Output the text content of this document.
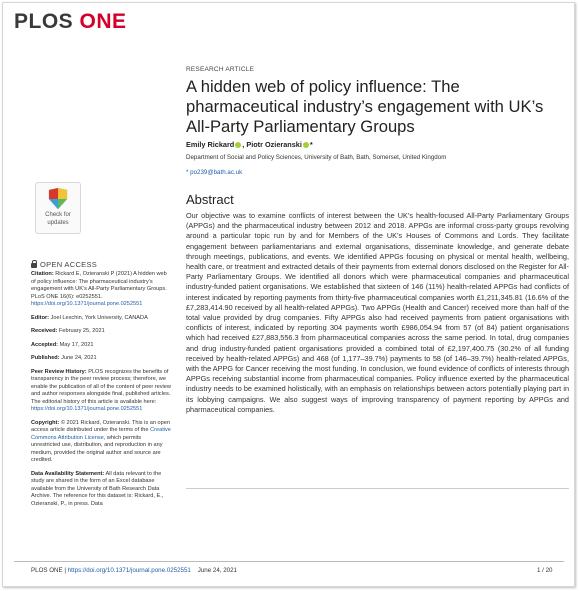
PLOS ONE
RESEARCH ARTICLE
A hidden web of policy influence: The pharmaceutical industry’s engagement with UK’s All-Party Parliamentary Groups
Emily Rickard , Piotr Ozieranski *
Department of Social and Policy Sciences, University of Bath, Bath, Somerset, United Kingdom
* po239@bath.ac.uk
Abstract
Our objective was to examine conflicts of interest between the UK’s health-focused All-Party Parliamentary Groups (APPGs) and the pharmaceutical industry between 2012 and 2018. APPGs are informal cross-party groups revolving around a particular topic run by and for Members of the UK’s Houses of Commons and Lords. They facilitate engagement between parliamentarians and external organisations, disseminate knowledge, and generate debate through meetings, publications, and events. We identified APPGs focusing on physical or mental health, wellbeing, health care, or treatment and extracted details of their payments from external donors disclosed on the Register for All-Party Parliamentary Groups. We identified all donors which were pharmaceutical companies and pharmaceutical industry-funded patient organisations. We established that sixteen of 146 (11%) health-related APPGs had conflicts of interest indicated by reporting payments from thirty-five pharmaceutical companies worth £1,211,345.81 (16.6% of the £7,283,414.90 received by all health-related APPGs). Two APPGs (Health and Cancer) received more than half of the total value provided by drug companies. Fifty APPGs also had received payments from patient organisations with conflicts of interest, indicated by reporting 304 payments worth £986,054.94 from 57 (of 84) patient organisations which had received £27,883,556.3 from pharmaceutical companies across the same period. In total, drug companies and drug industry-funded patient organisations provided a combined total of £2,197,400.75 (30.2% of all funding received by health-related APPGs) and 468 (of 1,177–39.7%) payments to 58 (of 146–39.7%) health-related APPGs, with the APPG for Cancer receiving the most funding. In conclusion, we found evidence of conflicts of interests through APPGs receiving substantial income from pharmaceutical companies. Policy influence exerted by the pharmaceutical industry needs to be examined holistically, with an emphasis on relationships between actors potentially playing part in its lobbying campaigns. We also suggest ways of improving transparency of payment reporting by APPGs and pharmaceutical companies.
Check for
updates
OPEN ACCESS

Citation: Rickard E, Ozieranski P (2021) A hidden web of policy influence: The pharmaceutical industry’s engagement with UK’s All-Party Parliamentary Groups. PLoS ONE 16(6): e0252551. https://doi.org/10.1371/journal.pone.0252551

Editor: Joel Lexchin, York University, CANADA

Received: February 25, 2021

Accepted: May 17, 2021

Published: June 24, 2021

Peer Review History: PLOS recognizes the benefits of transparency in the peer review process; therefore, we enable the publication of all of the content of peer review and author responses alongside final, published articles. The editorial history of this article is available here: https://doi.org/10.1371/journal.pone.0252551

Copyright: © 2021 Rickard, Ozieranski. This is an open access article distributed under the terms of the Creative Commons Attribution License, which permits unrestricted use, distribution, and reproduction in any medium, provided the original author and source are credited.

Data Availability Statement: All data relevant to the study are shared in the form of an Excel database available from the University of Bath Research Data Archive. The reference for this dataset is: Rickard, E., Ozieranski, P., in press. Data

PLOS ONE | https://doi.org/10.1371/journal.pone.0252551 June 24, 2021	1 / 20
